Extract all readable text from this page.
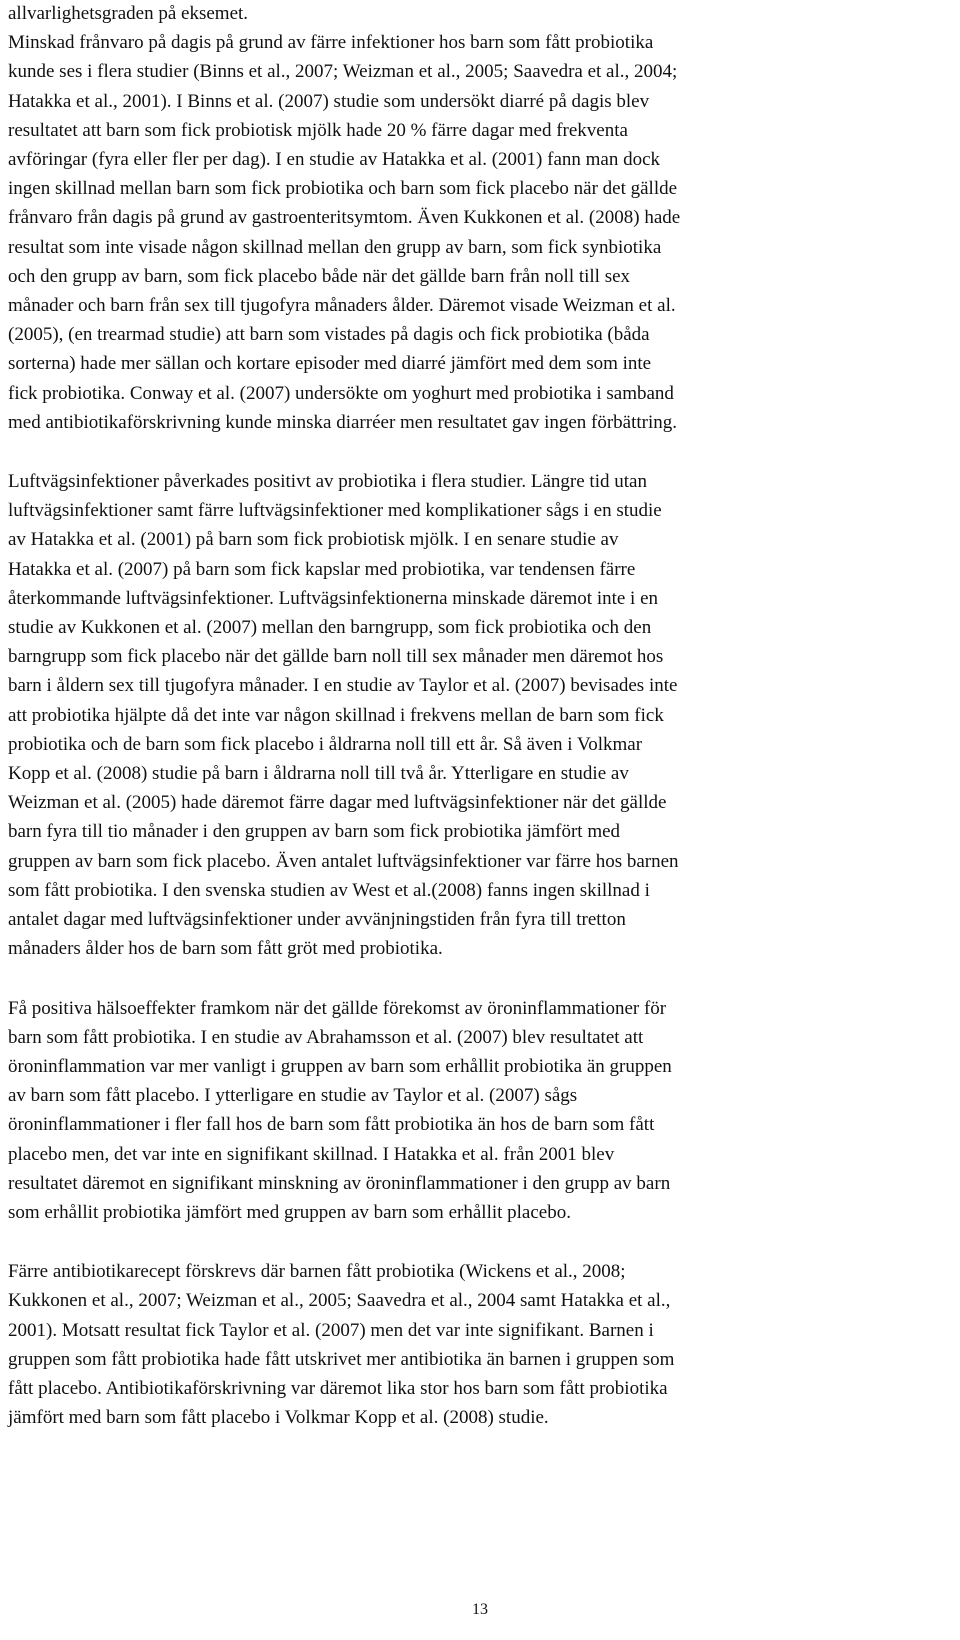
allvarlighetsgraden på eksemet.
Minskad frånvaro på dagis på grund av färre infektioner hos barn som fått probiotika
kunde ses i flera studier (Binns et al., 2007; Weizman et al., 2005; Saavedra et al., 2004;
Hatakka et al., 2001). I Binns et al. (2007) studie som undersökt diarré på dagis blev
resultatet att barn som fick probiotisk mjölk hade 20 % färre dagar med frekventa
avföringar (fyra eller fler per dag). I en studie av Hatakka et al. (2001) fann man dock
ingen skillnad mellan barn som fick probiotika och barn som fick placebo när det gällde
frånvaro från dagis på grund av gastroenteritsymtom. Även Kukkonen et al. (2008) hade
resultat som inte visade någon skillnad mellan den grupp av barn, som fick synbiotika
och den grupp av barn, som fick placebo både när det gällde barn från noll till sex
månader och barn från sex till tjugofyra månaders ålder. Däremot visade Weizman et al.
(2005), (en trearmad studie) att barn som vistades på dagis och fick probiotika (båda
sorterna) hade mer sällan och kortare episoder med diarré jämfört med dem som inte
fick probiotika. Conway et al. (2007) undersökte om yoghurt med probiotika i samband
med antibiotikaförskrivning kunde minska diarréer men resultatet gav ingen förbättring.

Luftvägsinfektioner påverkades positivt av probiotika i flera studier. Längre tid utan
luftvägsinfektioner samt färre luftvägsinfektioner med komplikationer sågs i en studie
av Hatakka et al. (2001) på barn som fick probiotisk mjölk. I en senare studie av
Hatakka et al. (2007) på barn som fick kapslar med probiotika, var tendensen färre
återkommande luftvägsinfektioner. Luftvägsinfektionerna minskade däremot inte i en
studie av Kukkonen et al. (2007) mellan den barngrupp, som fick probiotika och den
barngrupp som fick placebo när det gällde barn noll till sex månader men däremot hos
barn i åldern sex till tjugofyra månader. I en studie av Taylor et al. (2007) bevisades inte
att probiotika hjälpte då det inte var någon skillnad i frekvens mellan de barn som fick
probiotika och de barn som fick placebo i åldrarna noll till ett år. Så även i Volkmar
Kopp et al. (2008) studie på barn i åldrarna noll till två år. Ytterligare en studie av
Weizman et al. (2005) hade däremot färre dagar med luftvägsinfektioner när det gällde
barn fyra till tio månader i den gruppen av barn som fick probiotika jämfört med
gruppen av barn som fick placebo. Även antalet luftvägsinfektioner var färre hos barnen
som fått probiotika. I den svenska studien av West et al.(2008) fanns ingen skillnad i
antalet dagar med luftvägsinfektioner under avvänjningstiden från fyra till tretton
månaders ålder hos de barn som fått gröt med probiotika.

Få positiva hälsoeffekter framkom när det gällde förekomst av öroninflammationer för
barn som fått probiotika. I en studie av Abrahamsson et al. (2007) blev resultatet att
öroninflammation var mer vanligt i gruppen av barn som erhållit probiotika än gruppen
av barn som fått placebo. I ytterligare en studie av Taylor et al. (2007) sågs
öroninflammationer i fler fall hos de barn som fått probiotika än hos de barn som fått
placebo men, det var inte en signifikant skillnad. I Hatakka et al. från 2001 blev
resultatet däremot en signifikant minskning av öroninflammationer i den grupp av barn
som erhållit probiotika jämfört med gruppen av barn som erhållit placebo.

Färre antibiotikarecept förskrevs där barnen fått probiotika (Wickens et al., 2008;
Kukkonen et al., 2007; Weizman et al., 2005; Saavedra et al., 2004 samt Hatakka et al.,
2001). Motsatt resultat fick Taylor et al. (2007) men det var inte signifikant. Barnen i
gruppen som fått probiotika hade fått utskrivet mer antibiotika än barnen i gruppen som
fått placebo. Antibiotikaförskrivning var däremot lika stor hos barn som fått probiotika
jämfört med barn som fått placebo i Volkmar Kopp et al. (2008) studie.

13
